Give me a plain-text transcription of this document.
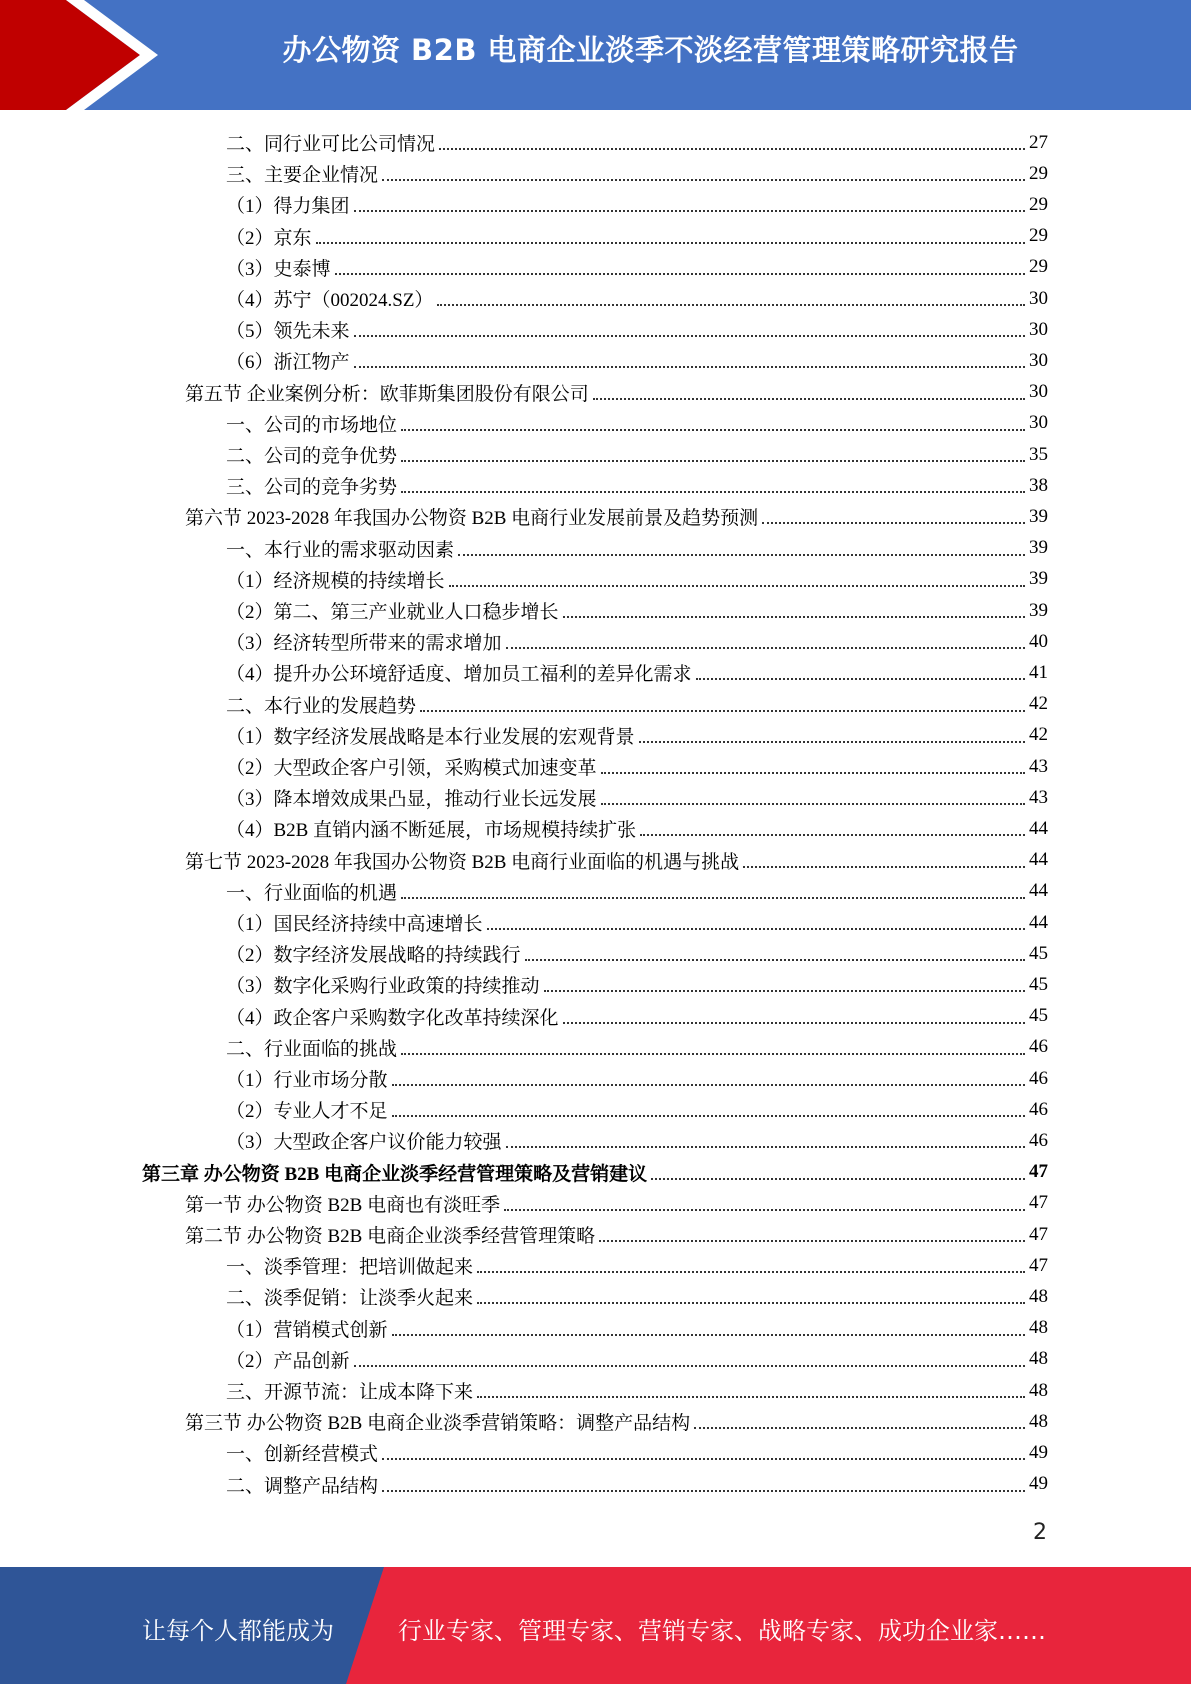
办公物资 B2B 电商企业淡季不淡经营管理策略研究报告
二、同行业可比公司情况	27
三、主要企业情况	29
（1）得力集团	29
（2）京东	29
（3）史泰博	29
（4）苏宁（002024.SZ）	30
（5）领先未来	30
（6）浙江物产	30
第五节 企业案例分析：欧菲斯集团股份有限公司	30
一、公司的市场地位	30
二、公司的竞争优势	35
三、公司的竞争劣势	38
第六节 2023-2028 年我国办公物资 B2B 电商行业发展前景及趋势预测	39
一、本行业的需求驱动因素	39
（1）经济规模的持续增长	39
（2）第二、第三产业就业人口稳步增长	39
（3）经济转型所带来的需求增加	40
（4）提升办公环境舒适度、增加员工福利的差异化需求	41
二、本行业的发展趋势	42
（1）数字经济发展战略是本行业发展的宏观背景	42
（2）大型政企客户引领，采购模式加速变革	43
（3）降本增效成果凸显，推动行业长远发展	43
（4）B2B 直销内涵不断延展，市场规模持续扩张	44
第七节 2023-2028 年我国办公物资 B2B 电商行业面临的机遇与挑战	44
一、行业面临的机遇	44
（1）国民经济持续中高速增长	44
（2）数字经济发展战略的持续践行	45
（3）数字化采购行业政策的持续推动	45
（4）政企客户采购数字化改革持续深化	45
二、行业面临的挑战	46
（1）行业市场分散	46
（2）专业人才不足	46
（3）大型政企客户议价能力较强	46
第三章 办公物资 B2B 电商企业淡季经营管理策略及营销建议	47
第一节 办公物资 B2B 电商也有淡旺季	47
第二节 办公物资 B2B 电商企业淡季经营管理策略	47
一、淡季管理：把培训做起来	47
二、淡季促销：让淡季火起来	48
（1）营销模式创新	48
（2）产品创新	48
三、开源节流：让成本降下来	48
第三节 办公物资 B2B 电商企业淡季营销策略：调整产品结构	48
一、创新经营模式	49
二、调整产品结构	49
2
让每个人都能成为	行业专家、管理专家、营销专家、战略专家、成功企业家……
